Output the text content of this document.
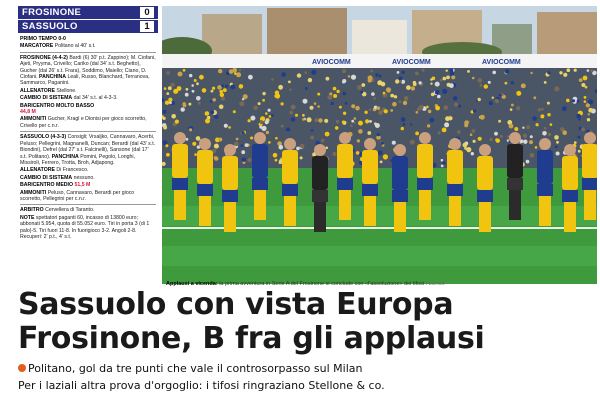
FROSINONE	0
SASSUOLO	1

PRIMO TEMPO 0-0

MARCATORE Politano al 40' s.t.

FROSINONE (4-4-2) Bardi (6) 30' p.t. Zappino); M. Ciofani, Ajeti, Pryyma, Crivello; Cariko (dal 34' s.t. Beghetto), Gucher (dal 26' s.t. Frara), Soddimo, Maiello; Ciano, D. Ciofani. PANCHINA Leali, Russo, Blanchard, Terranova, Sammarco, Paganini.

ALLENATORE Stellone.

CAMBIO DI SISTEMA dal 34' s.t. al 4-3-3.

BARICENTRO MOLTO BASSO
44,8 M

AMMONITI Gucher, Kragl e Dionisi per gioco scorretto, Crivello per c.n.r.

SASSUOLO (4-3-3) Consigli; Vrsaljko, Cannavaro, Acerbi, Peluso; Pellegrini, Magnanelli, Duncan; Berardi (dal 43' s.t. Biondini), Defrel (dal 27' s.t. Falcinelli), Sansone (dal 17' s.t. Politano). PANCHINA Pomini, Pegolo, Longhi, Missiroli, Ferrero, Trotta, Broh, Adjapong.

ALLENATORE Di Francesco.

CAMBIO DI SISTEMA nessuno.

BARICENTRO MEDIO 51,5 M

AMMONITI Peluso, Cannavaro, Berardi per gioco scorretto, Pellegrini per c.n.r.

ARBITRO Cervellera di Taranto.

NOTE spettatori paganti 60, incasso di 13800 euro; abbonati 5.954, quota di 55.052 euro. Tiri in porta 3 (di 1 palo)-5. Tiri fuori 11-8. In fuorigioco 3-2. Angoli 2-8. Recuperi: 2' p.t., 4' s.t.

AVIOCOMM	AVIOCOMM	AVIOCOMM
Applausi a vicenda: la prima avventura in Serie A del Frosinone si conclude con «l'assoluzione» dei tifosi PEGASO
Sassuolo con vista Europa
Frosinone, B fra gli applausi
Politano, gol da tre punti che vale il controsorpasso sul Milan
Per i laziali altra prova d'orgoglio: i tifosi ringraziano Stellone & co.
